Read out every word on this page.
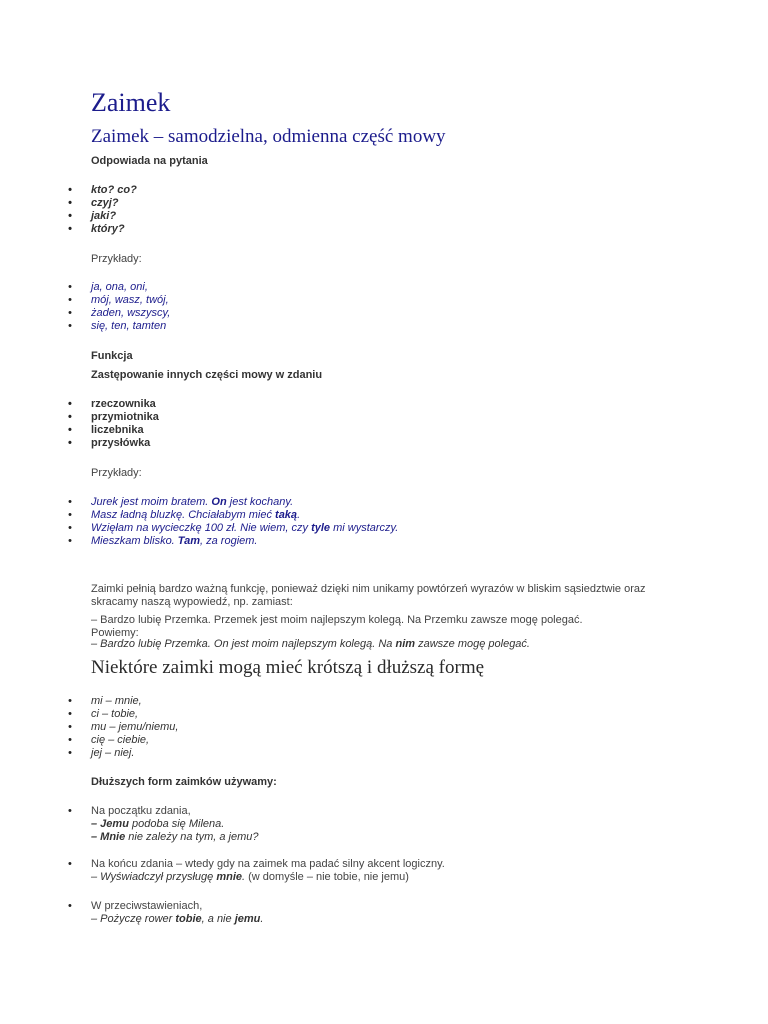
Zaimek
Zaimek – samodzielna, odmienna część mowy
Odpowiada na pytania
• kto? co?
• czyj?
• jaki?
• który?
Przykłady:
• ja, ona, oni,
• mój, wasz, twój,
• żaden, wszyscy,
• się, ten, tamten
Funkcja
Zastępowanie innych części mowy w zdaniu
• rzeczownika
• przymiotnika
• liczebnika
• przysłówka
Przykłady:
• Jurek jest moim bratem. On jest kochany.
• Masz ładną bluzkę. Chciałabym mieć taką.
• Wzięłam na wycieczkę 100 zł. Nie wiem, czy tyle mi wystarczy.
• Mieszkam blisko. Tam, za rogiem.
Zaimki pełnią bardzo ważną funkcję, ponieważ dzięki nim unikamy powtórzeń wyrazów w bliskim sąsiedztwie oraz skracamy naszą wypowiedź, np. zamiast:
– Bardzo lubię Przemka. Przemek jest moim najlepszym kolegą. Na Przemku zawsze mogę polegać.
Powiemy:
– Bardzo lubię Przemka. On jest moim najlepszym kolegą. Na nim zawsze mogę polegać.
Niektóre zaimki mogą mieć krótszą i dłuższą formę
• mi – mnie,
• ci – tobie,
• mu – jemu/niemu,
• cię – ciebie,
• jej – niej.
Dłuższych form zaimków używamy:
• Na początku zdania,
– Jemu podoba się Milena.
– Mnie nie zależy na tym, a jemu?
• Na końcu zdania – wtedy gdy na zaimek ma padać silny akcent logiczny.
– Wyświadczył przysługę mnie. (w domyśle – nie tobie, nie jemu)
• W przeciwstawieniach,
– Pożyczę rower tobie, a nie jemu.
